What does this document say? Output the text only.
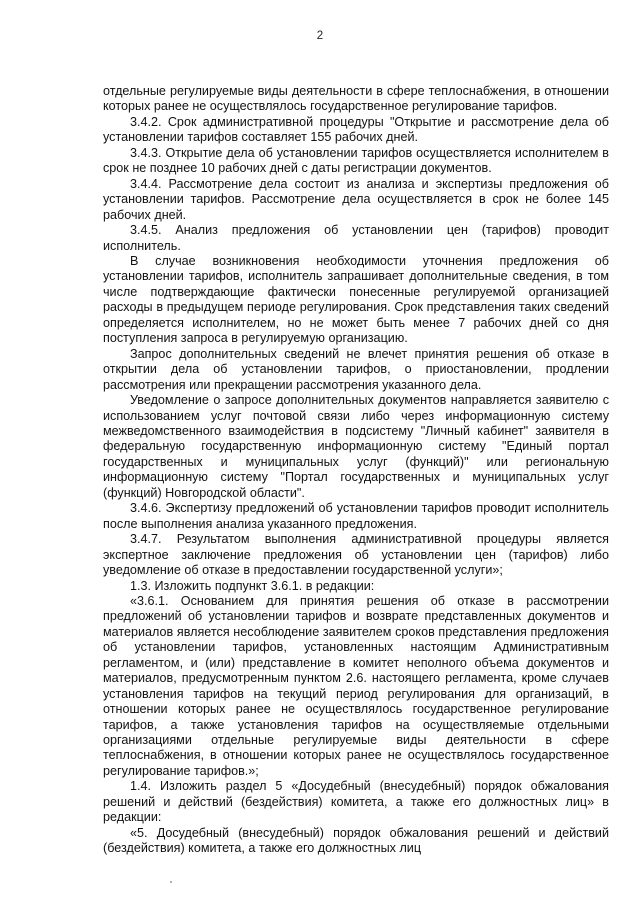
2

отдельные регулируемые виды деятельности в сфере теплоснабжения, в отношении которых ранее не осуществлялось государственное регулирование тарифов.

3.4.2. Срок административной процедуры "Открытие и рассмотрение дела об установлении тарифов составляет 155 рабочих дней.

3.4.3. Открытие дела об установлении тарифов осуществляется исполнителем в срок не позднее 10 рабочих дней с даты регистрации документов.

3.4.4. Рассмотрение дела состоит из анализа и экспертизы предложения об установлении тарифов. Рассмотрение дела осуществляется в срок не более 145 рабочих дней.

3.4.5. Анализ предложения об установлении цен (тарифов) проводит исполнитель.

В случае возникновения необходимости уточнения предложения об установлении тарифов, исполнитель запрашивает дополнительные сведения, в том числе подтверждающие фактически понесенные регулируемой организацией расходы в предыдущем периоде регулирования. Срок представления таких сведений определяется исполнителем, но не может быть менее 7 рабочих дней со дня поступления запроса в регулируемую организацию.

Запрос дополнительных сведений не влечет принятия решения об отказе в открытии дела об установлении тарифов, о приостановлении, продлении рассмотрения или прекращении рассмотрения указанного дела.

Уведомление о запросе дополнительных документов направляется заявителю с использованием услуг почтовой связи либо через информационную систему межведомственного взаимодействия в подсистему "Личный кабинет" заявителя в федеральную государственную информационную систему "Единый портал государственных и муниципальных услуг (функций)" или региональную информационную систему "Портал государственных и муниципальных услуг (функций) Новгородской области".

3.4.6. Экспертизу предложений об установлении тарифов проводит исполнитель после выполнения анализа указанного предложения.

3.4.7. Результатом выполнения административной процедуры является экспертное заключение предложения об установлении цен (тарифов) либо уведомление об отказе в предоставлении государственной услуги»;

1.3. Изложить подпункт 3.6.1. в редакции:

«3.6.1. Основанием для принятия решения об отказе в рассмотрении предложений об установлении тарифов и возврате представленных документов и материалов является несоблюдение заявителем сроков представления предложения об установлении тарифов, установленных настоящим Административным регламентом, и (или) представление в комитет неполного объема документов и материалов, предусмотренным пунктом 2.6. настоящего регламента, кроме случаев установления тарифов на текущий период регулирования для организаций, в отношении которых ранее не осуществлялось государственное регулирование тарифов, а также установления тарифов на осуществляемые отдельными организациями отдельные регулируемые виды деятельности в сфере теплоснабжения, в отношении которых ранее не осуществлялось государственное регулирование тарифов.»;

1.4. Изложить раздел 5 «Досудебный (внесудебный) порядок обжалования решений и действий (бездействия) комитета, а также его должностных лиц» в редакции:

«5. Досудебный (внесудебный) порядок обжалования решений и действий (бездействия) комитета, а также его должностных лиц
